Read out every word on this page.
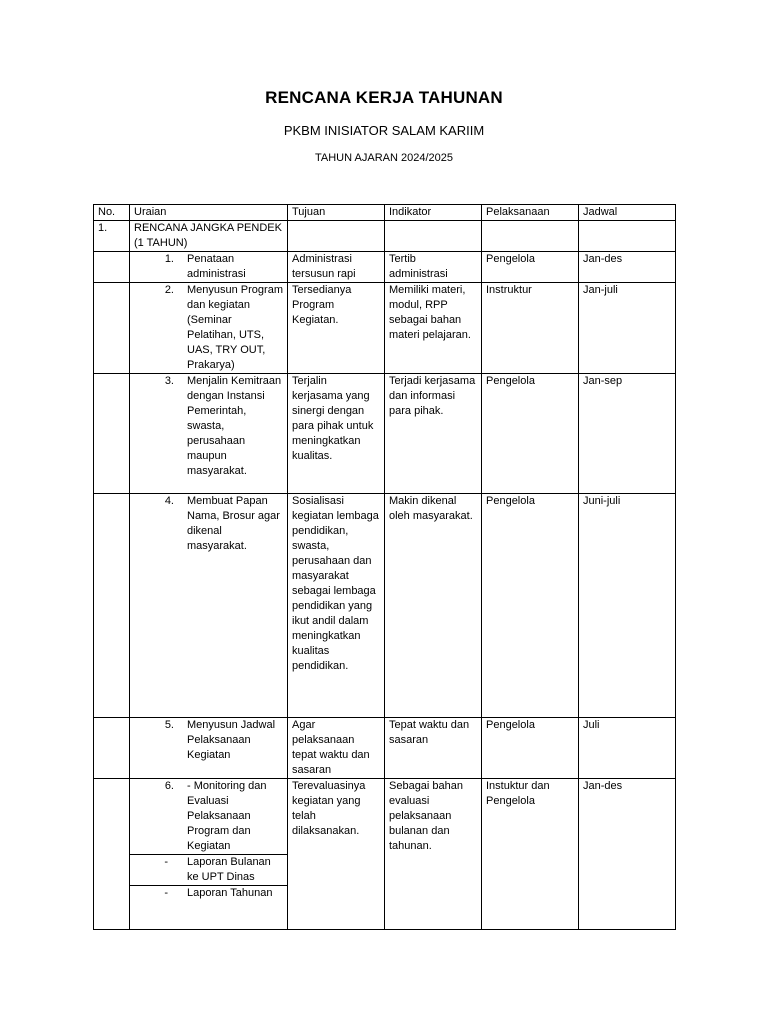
RENCANA KERJA TAHUNAN
PKBM INISIATOR SALAM KARIIM
TAHUN AJARAN 2024/2025
No.	Uraian	Tujuan	Indikator	Pelaksanaan	Jadwal
1.	RENCANA JANGKA PENDEK (1 TAHUN)				

	1. Penataan administrasi	Administrasi tersusun rapi	Tertib administrasi	Pengelola	Jan-des

	2. Menyusun Program dan kegiatan (Seminar Pelatihan, UTS, UAS, TRY OUT, Prakarya)	Tersedianya Program Kegiatan.	Memiliki materi, modul, RPP sebagai bahan materi pelajaran.	Instruktur	Jan-juli

	3. Menjalin Kemitraan dengan Instansi Pemerintah, swasta, perusahaan maupun masyarakat.	Terjalin kerjasama yang sinergi dengan para pihak untuk meningkatkan kualitas.	Terjadi kerjasama dan informasi para pihak.	Pengelola	Jan-sep

	4. Membuat Papan Nama, Brosur agar dikenal masyarakat.	Sosialisasi kegiatan lembaga pendidikan, swasta, perusahaan dan masyarakat sebagai lembaga pendidikan yang ikut andil dalam meningkatkan kualitas pendidikan.	Makin dikenal oleh masyarakat.	Pengelola	Juni-juli

	5. Menyusun Jadwal Pelaksanaan Kegiatan	Agar pelaksanaan tepat waktu dan sasaran	Tepat waktu dan sasaran	Pengelola	Juli

	6. - Monitoring dan Evaluasi Pelaksanaan Program dan Kegiatan	Terevaluasinya kegiatan yang telah dilaksanakan.	Sebagai bahan evaluasi pelaksanaan bulanan dan tahunan.	Instuktur dan Pengelola	Jan-des

	- Laporan Bulanan ke UPT Dinas				

	- Laporan Tahunan				
